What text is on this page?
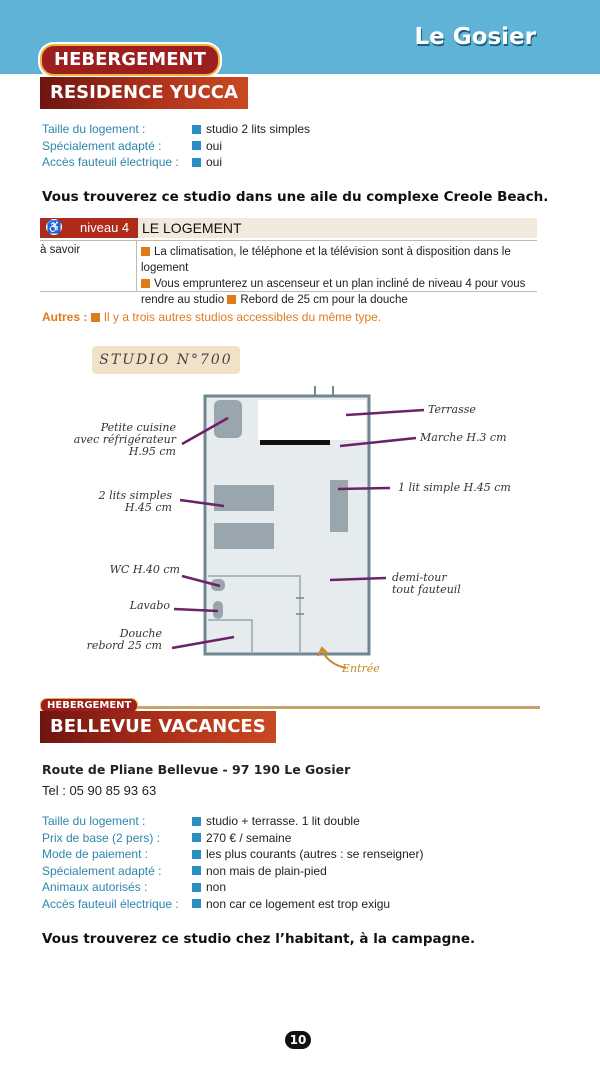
Le Gosier
HEBERGEMENT
RESIDENCE YUCCA
Taille du logement :	studio 2 lits simples
Spécialement adapté :	oui
Accès fauteuil électrique :	oui
Vous trouverez ce studio dans une aile du complexe Creole Beach.
♿ niveau 4 LE LOGEMENT
à savoir	La climatisation, le téléphone et la télévision sont à disposition dans le logement
Vous emprunterez un ascenseur et un plan incliné de niveau 4 pour vous rendre au studio Rebord de 25 cm pour la douche
Autres : Il y a trois autres studios accessibles du même type.
STUDIO N°700
Petite cuisine
avec réfrigérateur
H.95 cm
2 lits simples
H.45 cm
WC H.40 cm
Lavabo
Douche
rebord 25 cm
Terrasse
Marche H.3 cm
1 lit simple H.45 cm
demi-tour
tout fauteuil
Entrée
HEBERGEMENT
BELLEVUE VACANCES
Route de Pliane Bellevue - 97 190 Le Gosier
Tel : 05 90 85 93 63
Taille du logement :	studio + terrasse. 1 lit double
Prix de base (2 pers) :	270 € / semaine
Mode de paiement :	les plus courants (autres : se renseigner)
Spécialement adapté :	non mais de plain-pied
Animaux autorisés :	non
Accès fauteuil électrique :	non car ce logement est trop exigu
Vous trouverez ce studio chez l’habitant, à la campagne.
10
